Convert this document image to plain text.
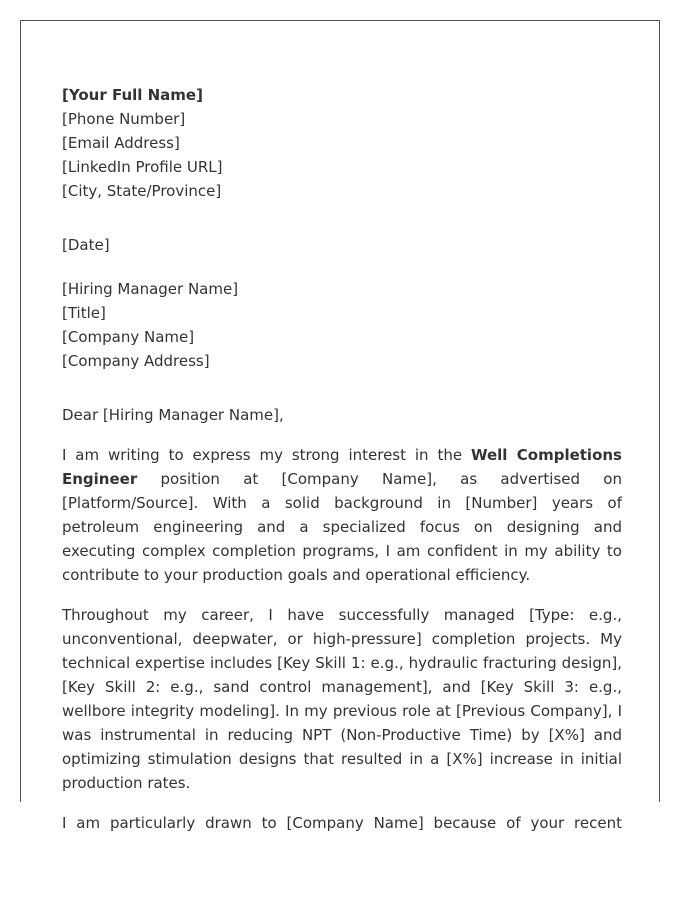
[Your Full Name]
[Phone Number]
[Email Address]
[LinkedIn Profile URL]
[City, State/Province]
[Date]
[Hiring Manager Name]
[Title]
[Company Name]
[Company Address]
Dear [Hiring Manager Name],

I am writing to express my strong interest in the Well Completions Engineer position at [Company Name], as advertised on [Platform/Source]. With a solid background in [Number] years of petroleum engineering and a specialized focus on designing and executing complex completion programs, I am confident in my ability to contribute to your production goals and operational efficiency.

Throughout my career, I have successfully managed [Type: e.g., unconventional, deepwater, or high-pressure] completion projects. My technical expertise includes [Key Skill 1: e.g., hydraulic fracturing design], [Key Skill 2: e.g., sand control management], and [Key Skill 3: e.g., wellbore integrity modeling]. In my previous role at [Previous Company], I was instrumental in reducing NPT (Non-Productive Time) by [X%] and optimizing stimulation designs that resulted in a [X%] increase in initial production rates.

I am particularly drawn to [Company Name] because of your recent
